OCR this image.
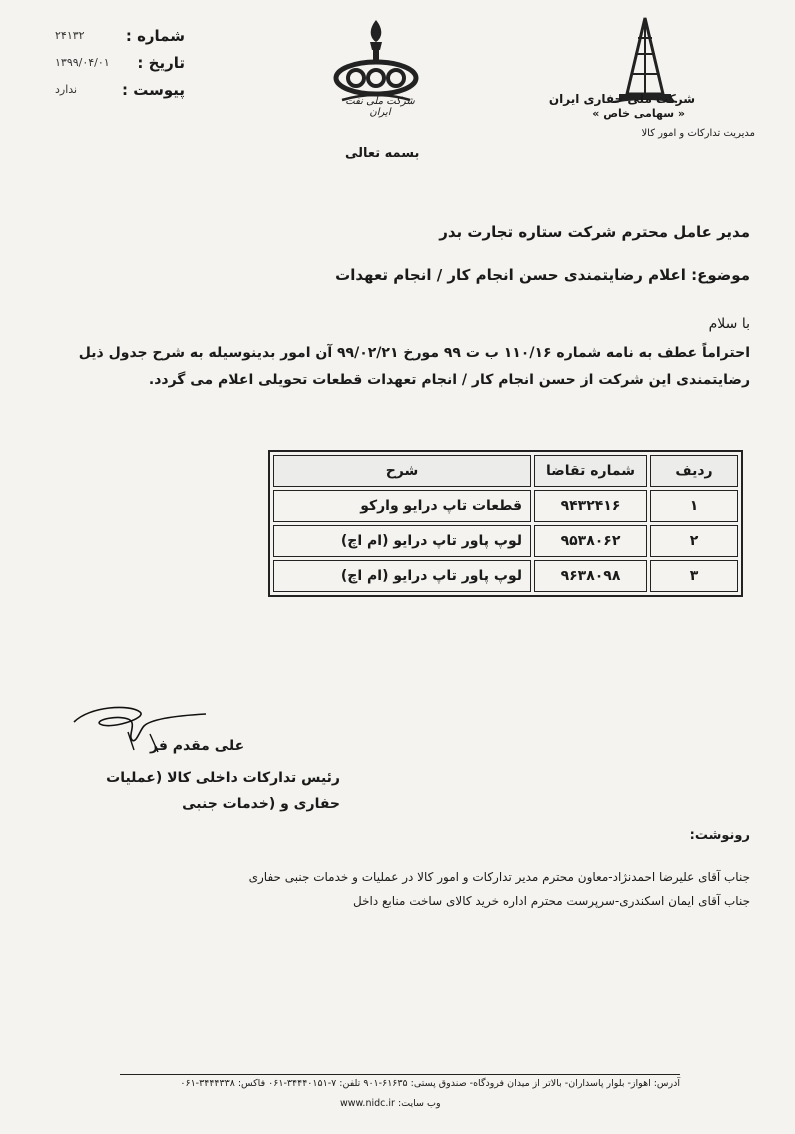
شماره :
۲۴۱۳۲
تاریخ :
۱۳۹۹/۰۴/۰۱
پیوست :
ندارد
شرکت ملی نفت ایران
شرکت ملی حفاری ایران
« سهامی خاص »
مدیریت تدارکات و امور کالا
بسمه تعالی
مدیر عامل محترم شرکت ستاره تجارت بدر
موضوع: اعلام رضایتمندی حسن انجام کار / انجام تعهدات
با سلام
احتراماً عطف به نامه شماره ۱۱۰/۱۶ ب ت ۹۹ مورخ ۹۹/۰۲/۲۱ آن امور بدینوسیله به شرح جدول ذیل رضایتمندی این شرکت از حسن انجام کار / انجام تعهدات قطعات تحویلی اعلام می گردد.
ردیف	شماره تقاضا	شرح
۱	۹۴۳۲۴۱۶	قطعات تاپ درایو وارکو
۲	۹۵۳۸۰۶۲	لوپ پاور تاپ درایو (ام اچ)
۳	۹۶۳۸۰۹۸	لوپ پاور تاپ درایو (ام اچ)
علی مقدم فر
رئیس تدارکات داخلی کالا (عملیات حفاری و (خدمات جنبی
رونوشت:
جناب آقای علیرضا احمدنژاد-معاون محترم مدیر تدارکات و امور کالا در عملیات و خدمات جنبی حفاری
جناب آقای ایمان اسکندری-سرپرست محترم اداره خرید کالای ساخت منابع داخل
آدرس: اهواز- بلوار پاسداران- بالاتر از میدان فرودگاه- صندوق پستی: ۶۱۶۳۵-۹۰۱ تلفن: ۷-۳۴۴۴۰۱۵۱-۰۶۱ فاکس: ۳۴۴۴۳۳۸-۰۶۱
وب سایت: www.nidc.ir
